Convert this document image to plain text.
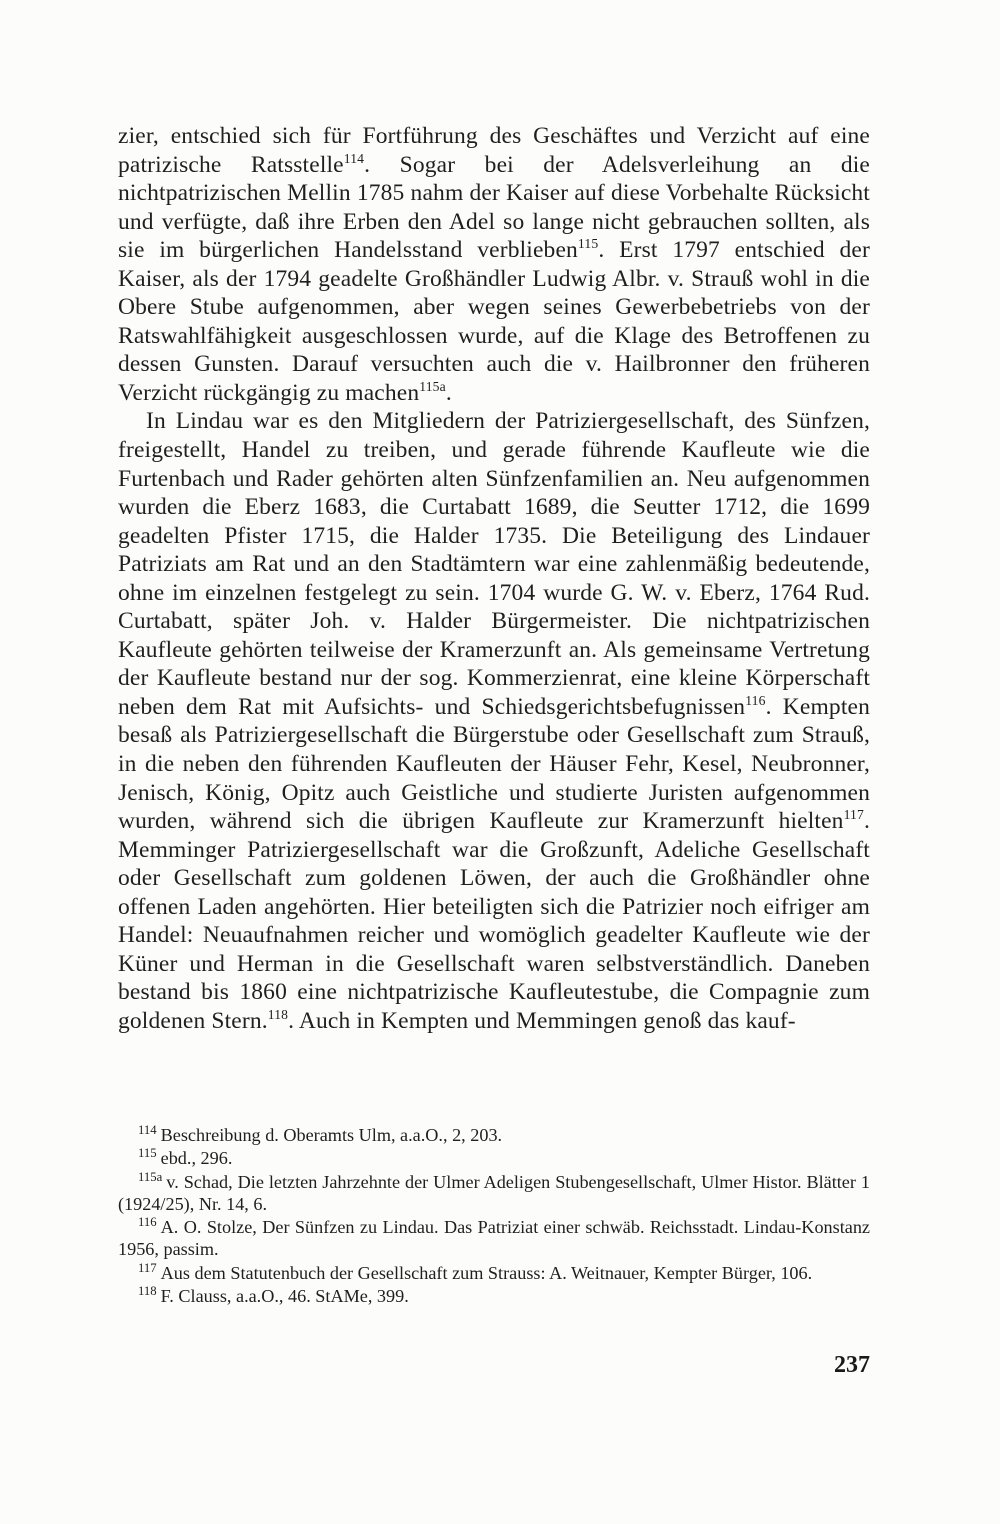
zier, entschied sich für Fortführung des Geschäftes und Verzicht auf eine patrizische Ratsstelle$^{114}$. Sogar bei der Adelsverleihung an die nichtpatrizischen Mellin 1785 nahm der Kaiser auf diese Vorbehalte Rücksicht und verfügte, daß ihre Erben den Adel so lange nicht gebrauchen sollten, als sie im bürgerlichen Handelsstand verblieben$^{115}$. Erst 1797 entschied der Kaiser, als der 1794 geadelte Großhändler Ludwig Albr. v. Strauß wohl in die Obere Stube aufgenommen, aber wegen seines Gewerbebetriebs von der Ratswahlfähigkeit ausgeschlossen wurde, auf die Klage des Betroffenen zu dessen Gunsten. Darauf versuchten auch die v. Hailbronner den früheren Verzicht rückgängig zu machen$^{115a}$.

In Lindau war es den Mitgliedern der Patriziergesellschaft, des Sünfzen, freigestellt, Handel zu treiben, und gerade führende Kaufleute wie die Furtenbach und Rader gehörten alten Sünfzenfamilien an. Neu aufgenommen wurden die Eberz 1683, die Curtabatt 1689, die Seutter 1712, die 1699 geadelten Pfister 1715, die Halder 1735. Die Beteiligung des Lindauer Patriziats am Rat und an den Stadtämtern war eine zahlenmäßig bedeutende, ohne im einzelnen festgelegt zu sein. 1704 wurde G. W. v. Eberz, 1764 Rud. Curtabatt, später Joh. v. Halder Bürgermeister. Die nichtpatrizischen Kaufleute gehörten teilweise der Kramerzunft an. Als gemeinsame Vertretung der Kaufleute bestand nur der sog. Kommerzienrat, eine kleine Körperschaft neben dem Rat mit Aufsichts- und Schiedsgerichtsbefugnissen$^{116}$. Kempten besaß als Patriziergesellschaft die Bürgerstube oder Gesellschaft zum Strauß, in die neben den führenden Kaufleuten der Häuser Fehr, Kesel, Neubronner, Jenisch, König, Opitz auch Geistliche und studierte Juristen aufgenommen wurden, während sich die übrigen Kaufleute zur Kramerzunft hielten$^{117}$. Memminger Patriziergesellschaft war die Großzunft, Adeliche Gesellschaft oder Gesellschaft zum goldenen Löwen, der auch die Großhändler ohne offenen Laden angehörten. Hier beteiligten sich die Patrizier noch eifriger am Handel: Neuaufnahmen reicher und womöglich geadelter Kaufleute wie der Küner und Herman in die Gesellschaft waren selbstverständlich. Daneben bestand bis 1860 eine nichtpatrizische Kaufleutestube, die Compagnie zum goldenen Stern.$^{118}$. Auch in Kempten und Memmingen genoß das kauf-

$^{114}$ Beschreibung d. Oberamts Ulm, a.a.O., 2, 203.

$^{115}$ ebd., 296.

$^{115a}$ v. Schad, Die letzten Jahrzehnte der Ulmer Adeligen Stubengesellschaft, Ulmer Histor. Blätter 1 (1924/25), Nr. 14, 6.

$^{116}$ A. O. Stolze, Der Sünfzen zu Lindau. Das Patriziat einer schwäb. Reichsstadt. Lindau-Konstanz 1956, passim.

$^{117}$ Aus dem Statutenbuch der Gesellschaft zum Strauss: A. Weitnauer, Kempter Bürger, 106.

$^{118}$ F. Clauss, a.a.O., 46. StAMe, 399.

237
